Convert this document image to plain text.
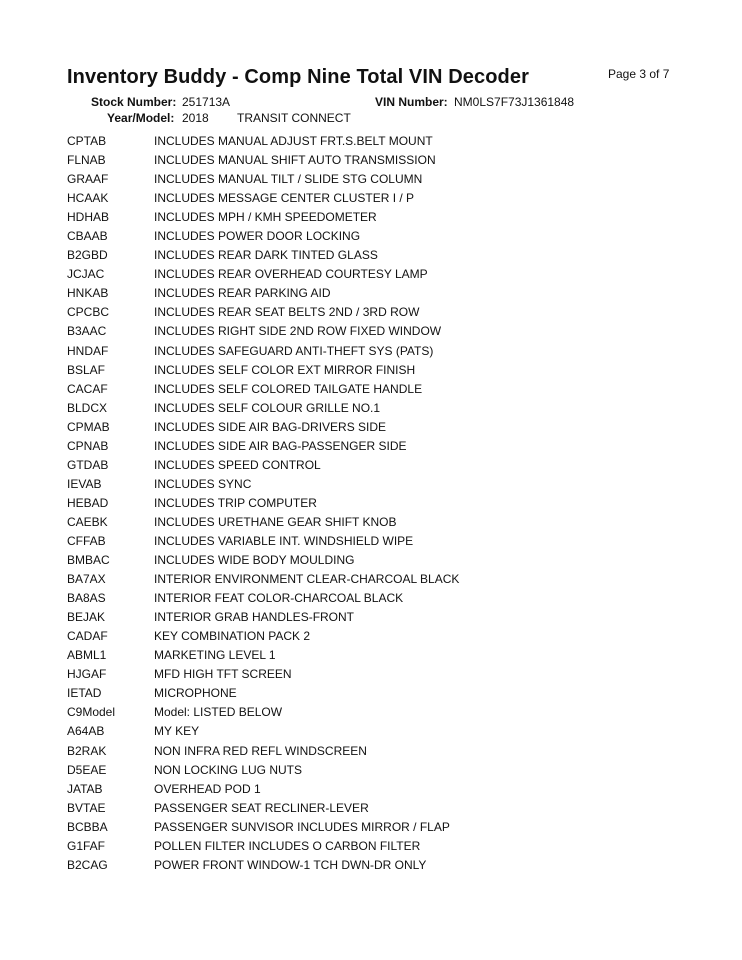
Inventory Buddy - Comp Nine Total VIN Decoder	Page 3 of 7
Stock Number: 251713A	VIN Number: NM0LS7F73J1361848
Year/Model: 2018 TRANSIT CONNECT
CPTAB	INCLUDES MANUAL ADJUST FRT.S.BELT MOUNT
FLNAB	INCLUDES MANUAL SHIFT AUTO TRANSMISSION
GRAAF	INCLUDES MANUAL TILT / SLIDE STG COLUMN
HCAAK	INCLUDES MESSAGE CENTER CLUSTER I / P
HDHAB	INCLUDES MPH / KMH SPEEDOMETER
CBAAB	INCLUDES POWER DOOR LOCKING
B2GBD	INCLUDES REAR DARK TINTED GLASS
JCJAC	INCLUDES REAR OVERHEAD COURTESY LAMP
HNKAB	INCLUDES REAR PARKING AID
CPCBC	INCLUDES REAR SEAT BELTS 2ND / 3RD ROW
B3AAC	INCLUDES RIGHT SIDE 2ND ROW FIXED WINDOW
HNDAF	INCLUDES SAFEGUARD ANTI-THEFT SYS (PATS)
BSLAF	INCLUDES SELF COLOR EXT MIRROR FINISH
CACAF	INCLUDES SELF COLORED TAILGATE HANDLE
BLDCX	INCLUDES SELF COLOUR GRILLE NO.1
CPMAB	INCLUDES SIDE AIR BAG-DRIVERS SIDE
CPNAB	INCLUDES SIDE AIR BAG-PASSENGER SIDE
GTDAB	INCLUDES SPEED CONTROL
IEVAB	INCLUDES SYNC
HEBAD	INCLUDES TRIP COMPUTER
CAEBK	INCLUDES URETHANE GEAR SHIFT KNOB
CFFAB	INCLUDES VARIABLE INT. WINDSHIELD WIPE
BMBAC	INCLUDES WIDE BODY MOULDING
BA7AX	INTERIOR ENVIRONMENT CLEAR-CHARCOAL BLACK
BA8AS	INTERIOR FEAT COLOR-CHARCOAL BLACK
BEJAK	INTERIOR GRAB HANDLES-FRONT
CADAF	KEY COMBINATION PACK 2
ABML1	MARKETING LEVEL 1
HJGAF	MFD HIGH TFT SCREEN
IETAD	MICROPHONE
C9Model	Model: LISTED BELOW
A64AB	MY KEY
B2RAK	NON INFRA RED REFL WINDSCREEN
D5EAE	NON LOCKING LUG NUTS
JATAB	OVERHEAD POD 1
BVTAE	PASSENGER SEAT RECLINER-LEVER
BCBBA	PASSENGER SUNVISOR INCLUDES MIRROR / FLAP
G1FAF	POLLEN FILTER INCLUDES O CARBON FILTER
B2CAG	POWER FRONT WINDOW-1 TCH DWN-DR ONLY
